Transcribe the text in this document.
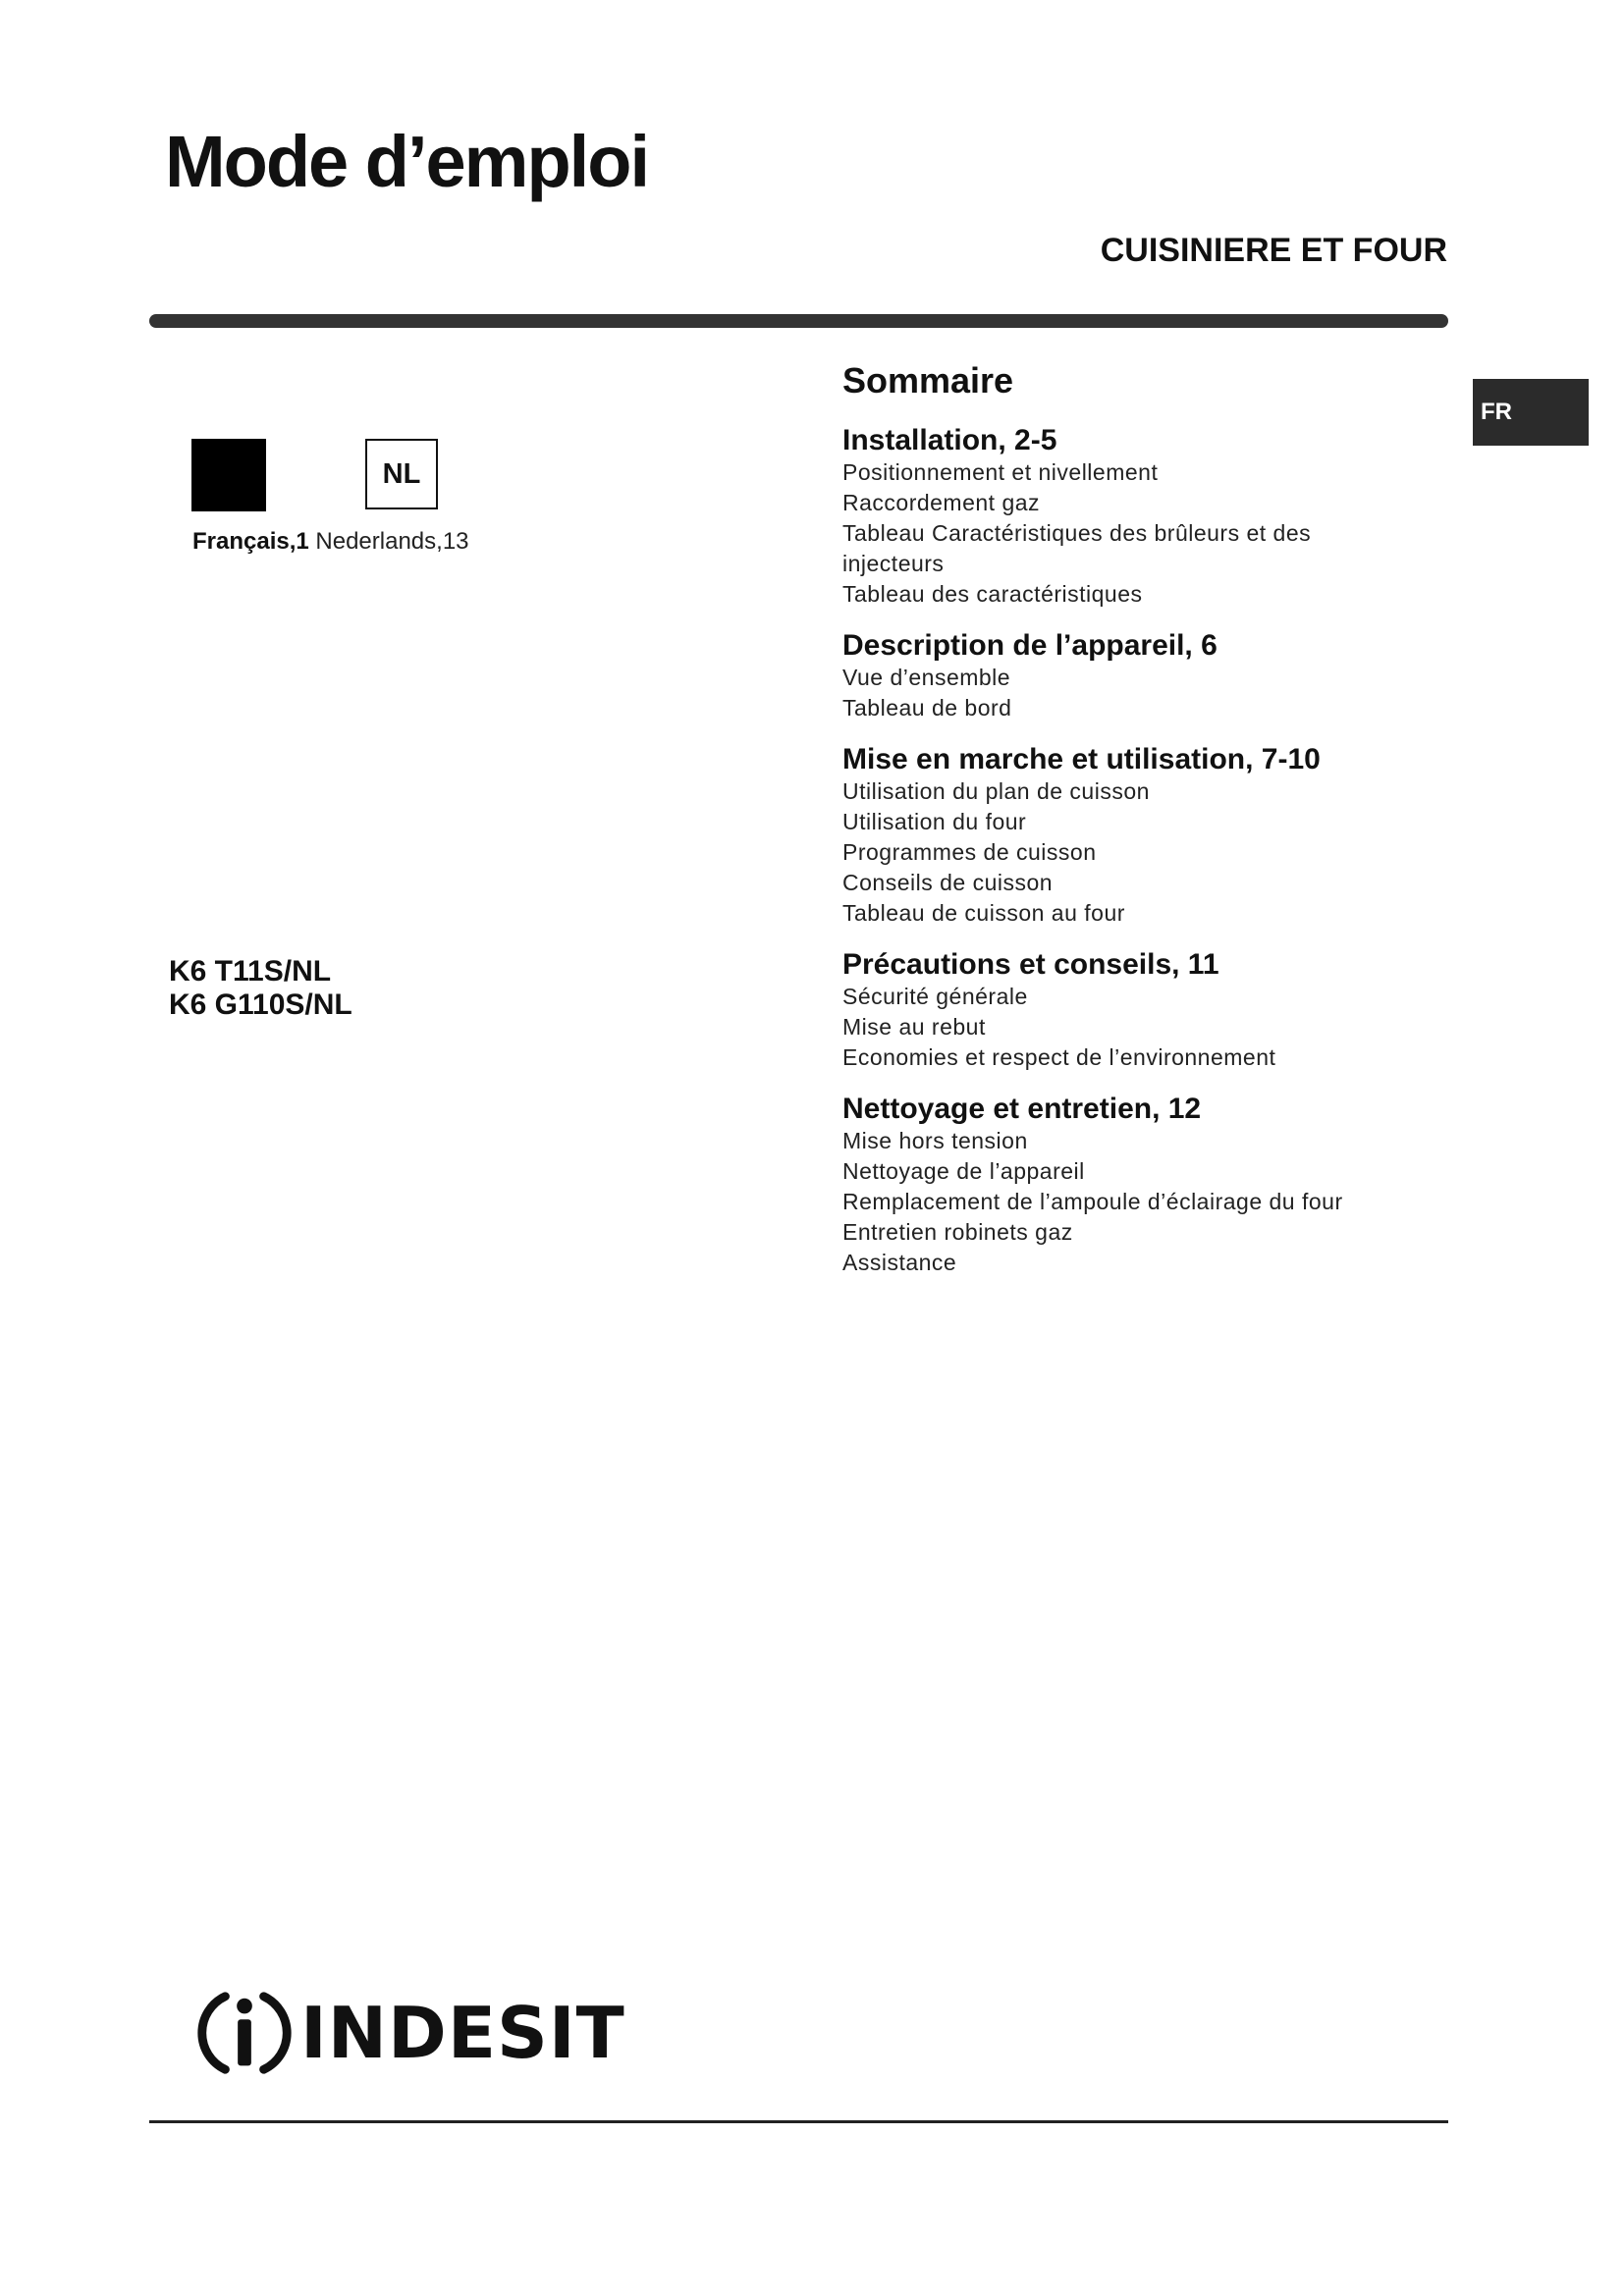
Mode d’emploi
CUISINIERE ET FOUR
FR
NL
Français,1 Nederlands,13
K6 T11S/NL
K6 G110S/NL
Sommaire
Installation, 2-5
Positionnement et nivellement
Raccordement gaz
Tableau Caractéristiques des brûleurs et des injecteurs
Tableau des caractéristiques
Description de l’appareil, 6
Vue d’ensemble
Tableau de bord
Mise en marche et utilisation, 7-10
Utilisation du plan de cuisson
Utilisation du four
Programmes de cuisson
Conseils de cuisson
Tableau de cuisson au four
Précautions et conseils, 11
Sécurité générale
Mise au rebut
Economies et respect de l’environnement
Nettoyage et entretien, 12
Mise hors tension
Nettoyage de l’appareil
Remplacement de l’ampoule d’éclairage du four
Entretien robinets gaz
Assistance
INDESIT
